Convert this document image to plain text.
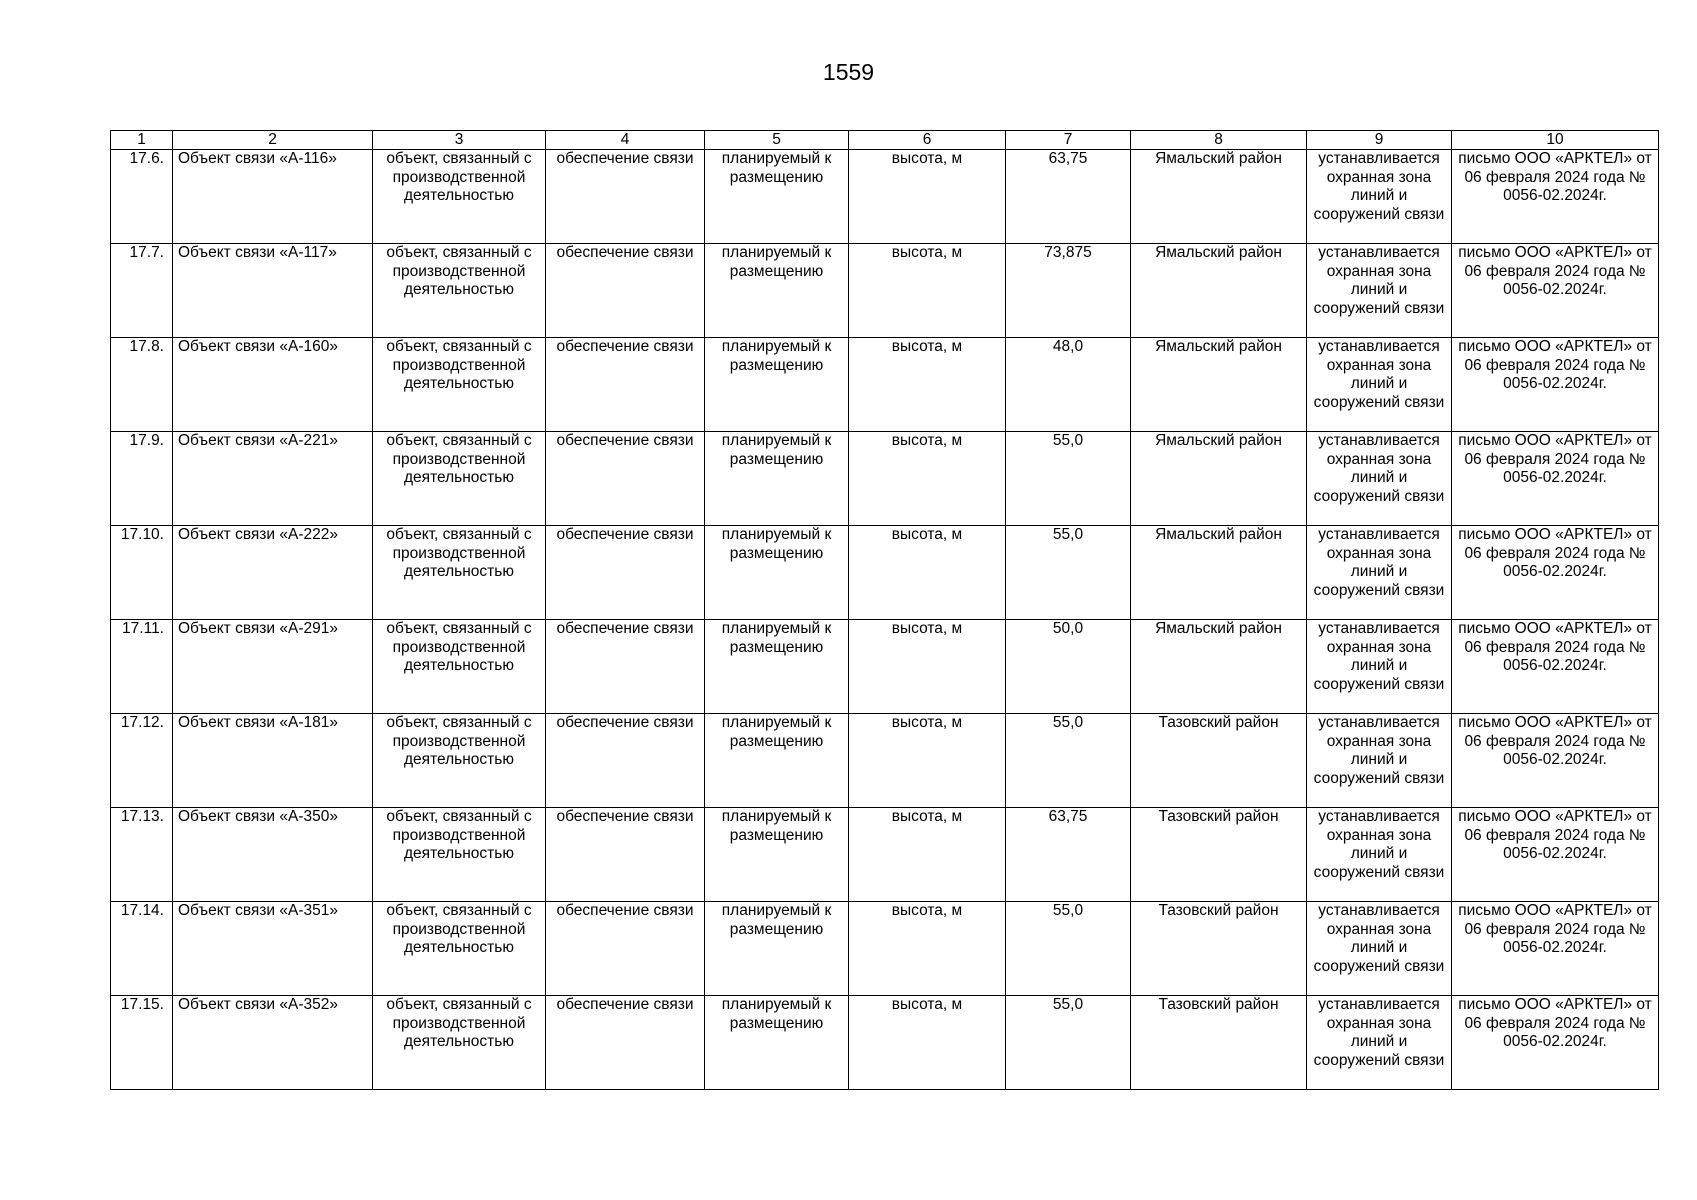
1559
1	2	3	4	5	6	7	8	9	10
17.6.	Объект связи «А-116»	объект, связанный с производственной деятельностью	обеспечение связи	планируемый к размещению	высота, м	63,75	Ямальский район	устанавливается охранная зона линий и сооружений связи	письмо ООО «АРКТЕЛ» от 06 февраля 2024 года № 0056-02.2024г.
17.7.	Объект связи «А-117»	объект, связанный с производственной деятельностью	обеспечение связи	планируемый к размещению	высота, м	73,875	Ямальский район	устанавливается охранная зона линий и сооружений связи	письмо ООО «АРКТЕЛ» от 06 февраля 2024 года № 0056-02.2024г.
17.8.	Объект связи «А-160»	объект, связанный с производственной деятельностью	обеспечение связи	планируемый к размещению	высота, м	48,0	Ямальский район	устанавливается охранная зона линий и сооружений связи	письмо ООО «АРКТЕЛ» от 06 февраля 2024 года № 0056-02.2024г.
17.9.	Объект связи «А-221»	объект, связанный с производственной деятельностью	обеспечение связи	планируемый к размещению	высота, м	55,0	Ямальский район	устанавливается охранная зона линий и сооружений связи	письмо ООО «АРКТЕЛ» от 06 февраля 2024 года № 0056-02.2024г.
17.10.	Объект связи «А-222»	объект, связанный с производственной деятельностью	обеспечение связи	планируемый к размещению	высота, м	55,0	Ямальский район	устанавливается охранная зона линий и сооружений связи	письмо ООО «АРКТЕЛ» от 06 февраля 2024 года № 0056-02.2024г.
17.11.	Объект связи «А-291»	объект, связанный с производственной деятельностью	обеспечение связи	планируемый к размещению	высота, м	50,0	Ямальский район	устанавливается охранная зона линий и сооружений связи	письмо ООО «АРКТЕЛ» от 06 февраля 2024 года № 0056-02.2024г.
17.12.	Объект связи «А-181»	объект, связанный с производственной деятельностью	обеспечение связи	планируемый к размещению	высота, м	55,0	Тазовский район	устанавливается охранная зона линий и сооружений связи	письмо ООО «АРКТЕЛ» от 06 февраля 2024 года № 0056-02.2024г.
17.13.	Объект связи «А-350»	объект, связанный с производственной деятельностью	обеспечение связи	планируемый к размещению	высота, м	63,75	Тазовский район	устанавливается охранная зона линий и сооружений связи	письмо ООО «АРКТЕЛ» от 06 февраля 2024 года № 0056-02.2024г.
17.14.	Объект связи «А-351»	объект, связанный с производственной деятельностью	обеспечение связи	планируемый к размещению	высота, м	55,0	Тазовский район	устанавливается охранная зона линий и сооружений связи	письмо ООО «АРКТЕЛ» от 06 февраля 2024 года № 0056-02.2024г.
17.15.	Объект связи «А-352»	объект, связанный с производственной деятельностью	обеспечение связи	планируемый к размещению	высота, м	55,0	Тазовский район	устанавливается охранная зона линий и сооружений связи	письмо ООО «АРКТЕЛ» от 06 февраля 2024 года № 0056-02.2024г.
